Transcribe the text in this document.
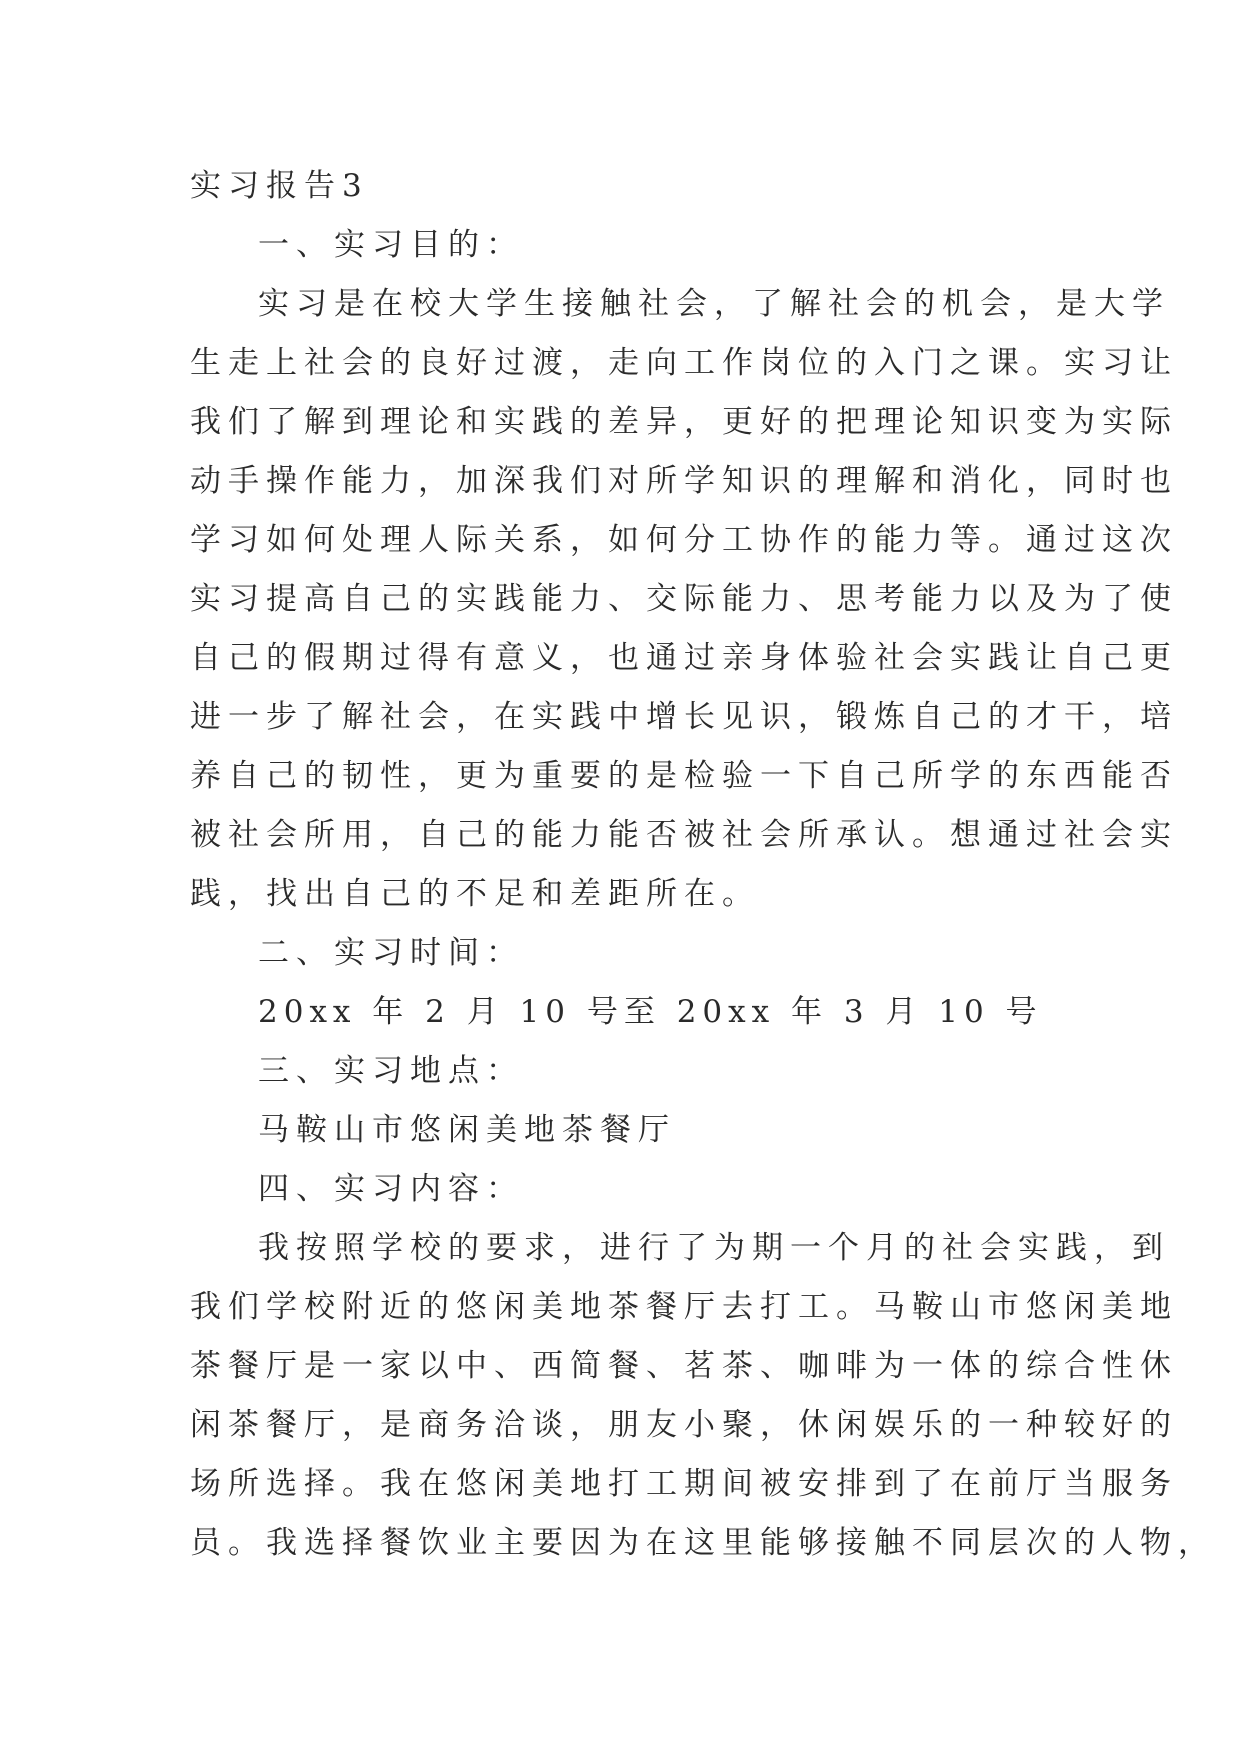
实习报告3

一、实习目的：

实习是在校大学生接触社会，了解社会的机会，是大学

生走上社会的良好过渡，走向工作岗位的入门之课。实习让

我们了解到理论和实践的差异，更好的把理论知识变为实际

动手操作能力，加深我们对所学知识的理解和消化，同时也

学习如何处理人际关系，如何分工协作的能力等。通过这次

实习提高自己的实践能力、交际能力、思考能力以及为了使

自己的假期过得有意义，也通过亲身体验社会实践让自己更

进一步了解社会，在实践中增长见识，锻炼自己的才干，培

养自己的韧性，更为重要的是检验一下自己所学的东西能否

被社会所用，自己的能力能否被社会所承认。想通过社会实

践，找出自己的不足和差距所在。

二、实习时间：

20xx 年 2 月 10 号至 20xx 年 3 月 10 号

三、实习地点：

马鞍山市悠闲美地茶餐厅

四、实习内容：

我按照学校的要求，进行了为期一个月的社会实践，到

我们学校附近的悠闲美地茶餐厅去打工。马鞍山市悠闲美地

茶餐厅是一家以中、西简餐、茗茶、咖啡为一体的综合性休

闲茶餐厅，是商务洽谈，朋友小聚，休闲娱乐的一种较好的

场所选择。我在悠闲美地打工期间被安排到了在前厅当服务

员。我选择餐饮业主要因为在这里能够接触不同层次的人物，
